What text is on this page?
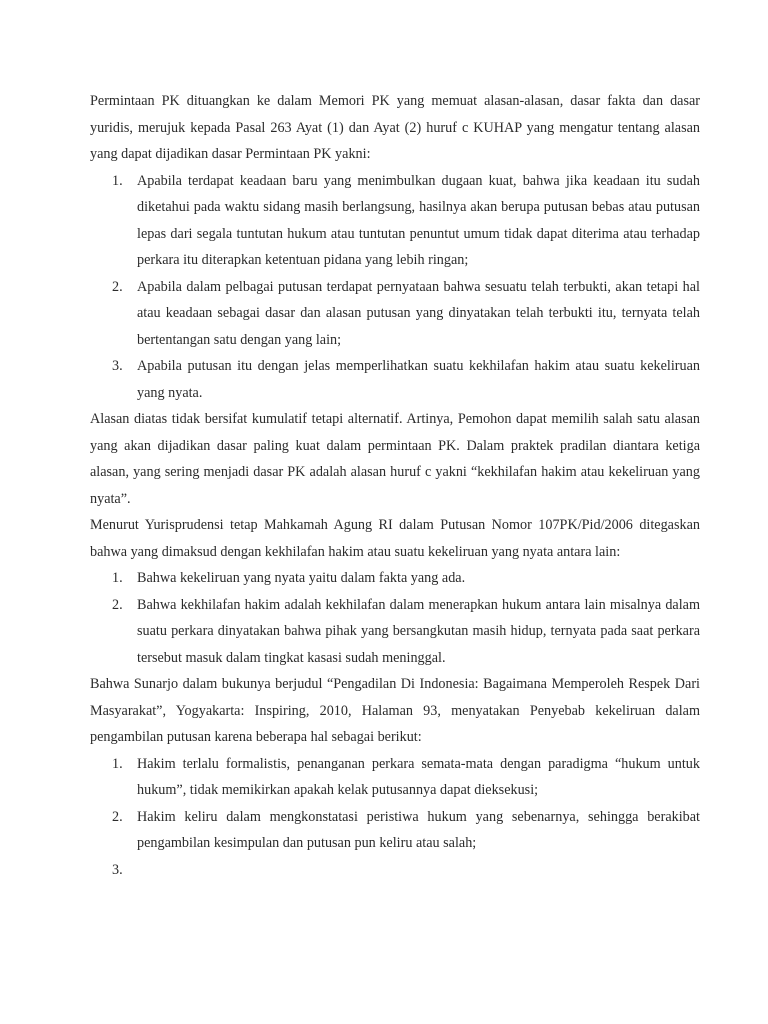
Permintaan PK dituangkan ke dalam Memori PK yang memuat alasan-alasan, dasar fakta dan dasar yuridis, merujuk kepada Pasal 263 Ayat (1) dan Ayat (2) huruf c KUHAP yang mengatur tentang alasan yang dapat dijadikan dasar Permintaan PK yakni:

1. Apabila terdapat keadaan baru yang menimbulkan dugaan kuat, bahwa jika keadaan itu sudah diketahui pada waktu sidang masih berlangsung, hasilnya akan berupa putusan bebas atau putusan lepas dari segala tuntutan hukum atau tuntutan penuntut umum tidak dapat diterima atau terhadap perkara itu diterapkan ketentuan pidana yang lebih ringan;
2. Apabila dalam pelbagai putusan terdapat pernyataan bahwa sesuatu telah terbukti, akan tetapi hal atau keadaan sebagai dasar dan alasan putusan yang dinyatakan telah terbukti itu, ternyata telah bertentangan satu dengan yang lain;
3. Apabila putusan itu dengan jelas memperlihatkan suatu kekhilafan hakim atau suatu kekeliruan yang nyata.

Alasan diatas tidak bersifat kumulatif tetapi alternatif. Artinya, Pemohon dapat memilih salah satu alasan yang akan dijadikan dasar paling kuat dalam permintaan PK. Dalam praktek pradilan diantara ketiga alasan, yang sering menjadi dasar PK adalah alasan huruf c yakni “kekhilafan hakim atau kekeliruan yang nyata”.

Menurut Yurisprudensi tetap Mahkamah Agung RI dalam Putusan Nomor 107PK/Pid/2006 ditegaskan bahwa yang dimaksud dengan kekhilafan hakim atau suatu kekeliruan yang nyata antara lain:

1. Bahwa kekeliruan yang nyata yaitu dalam fakta yang ada.
2. Bahwa kekhilafan hakim adalah kekhilafan dalam menerapkan hukum antara lain misalnya dalam suatu perkara dinyatakan bahwa pihak yang bersangkutan masih hidup, ternyata pada saat perkara tersebut masuk dalam tingkat kasasi sudah meninggal.

Bahwa Sunarjo dalam bukunya berjudul “Pengadilan Di Indonesia: Bagaimana Memperoleh Respek Dari Masyarakat”, Yogyakarta: Inspiring, 2010, Halaman 93, menyatakan Penyebab kekeliruan dalam pengambilan putusan karena beberapa hal sebagai berikut:

1. Hakim terlalu formalistis, penanganan perkara semata-mata dengan paradigma “hukum untuk hukum”, tidak memikirkan apakah kelak putusannya dapat dieksekusi;
2. Hakim keliru dalam mengkonstatasi peristiwa hukum yang sebenarnya, sehingga berakibat pengambilan kesimpulan dan putusan pun keliru atau salah;
3.
